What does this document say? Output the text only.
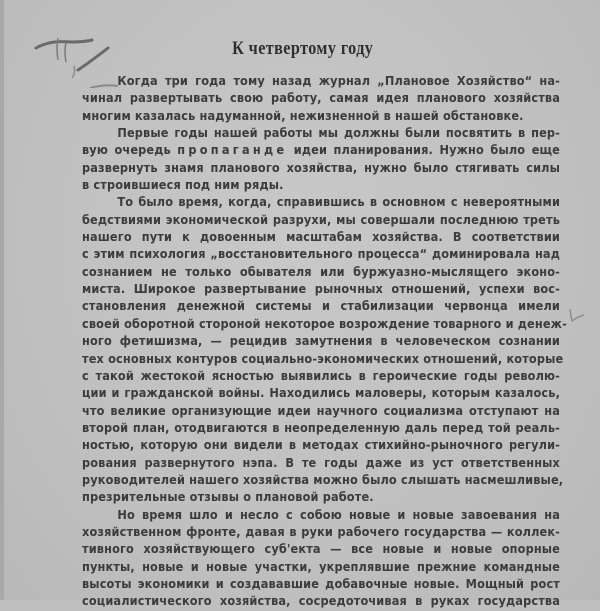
К четвертому году
Когда три года тому назад журнал „Плановое Хозяйство“ на-
чинал развертывать свою работу, самая идея планового хозяйства
многим казалась надуманной, нежизненной в нашей обстановке.
Первые годы нашей работы мы должны были посвятить в пер-
вую очередь пропаганде идеи планирования. Нужно было еще
развернуть знамя планового хозяйства, нужно было стягивать силы
в строившиеся под ним ряды.
То было время, когда, справившись в основном с невероятными
бедствиями экономической разрухи, мы совершали последнюю треть
нашего пути к довоенным масштабам хозяйства. В соответствии
с этим психология „восстановительного процесса“ доминировала над
сознанием не только обывателя или буржуазно-мыслящего эконо-
миста. Широкое развертывание рыночных отношений, успехи вос-
становления денежной системы и стабилизации червонца имели
своей оборотной стороной некоторое возрождение товарного и денеж-
ного фетишизма, — рецидив замутнения в человеческом сознании
тех основных контуров социально-экономических отношений, которые
с такой жестокой ясностью выявились в героические годы револю-
ции и гражданской войны. Находились маловеры, которым казалось,
что великие организующие идеи научного социализма отступают на
второй план, отодвигаются в неопределенную даль перед той реаль-
ностью, которую они видели в методах стихийно-рыночного регули-
рования развернутого нэпа. В те годы даже из уст ответственных
руководителей нашего хозяйства можно было слышать насмешливые,
презрительные отзывы о плановой работе.
Но время шло и несло с собою новые и новые завоевания на
хозяйственном фронте, давая в руки рабочего государства — коллек-
тивного хозяйствующего суб'екта — все новые и новые опорные
пункты, новые и новые участки, укреплявшие прежние командные
высоты экономики и создававшие добавочные новые. Мощный рост
социалистического хозяйства, сосредоточивая в руках государства
